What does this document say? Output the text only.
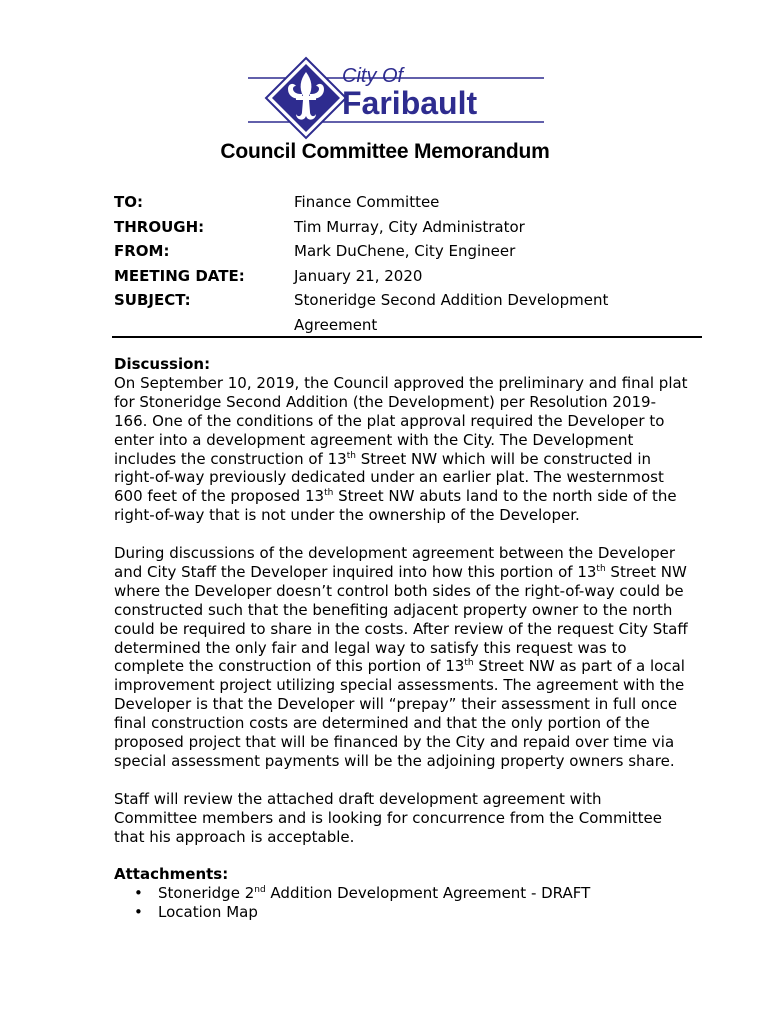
City Of
Faribault
Council Committee Memorandum
TO:	Finance Committee
THROUGH:	Tim Murray, City Administrator
FROM:	Mark DuChene, City Engineer
MEETING DATE:	January 21, 2020
SUBJECT:	Stoneridge Second Addition Development Agreement
Discussion:

On September 10, 2019, the Council approved the preliminary and final plat for Stoneridge Second Addition (the Development) per Resolution 2019-166. One of the conditions of the plat approval required the Developer to enter into a development agreement with the City. The Development includes the construction of 13th Street NW which will be constructed in right-of-way previously dedicated under an earlier plat. The westernmost 600 feet of the proposed 13th Street NW abuts land to the north side of the right-of-way that is not under the ownership of the Developer.

During discussions of the development agreement between the Developer and City Staff the Developer inquired into how this portion of 13th Street NW where the Developer doesn’t control both sides of the right-of-way could be constructed such that the benefiting adjacent property owner to the north could be required to share in the costs. After review of the request City Staff determined the only fair and legal way to satisfy this request was to complete the construction of this portion of 13th Street NW as part of a local improvement project utilizing special assessments. The agreement with the Developer is that the Developer will “prepay” their assessment in full once final construction costs are determined and that the only portion of the proposed project that will be financed by the City and repaid over time via special assessment payments will be the adjoining property owners share.

Staff will review the attached draft development agreement with Committee members and is looking for concurrence from the Committee that his approach is acceptable.

Attachments:
• Stoneridge 2nd Addition Development Agreement - DRAFT
• Location Map
